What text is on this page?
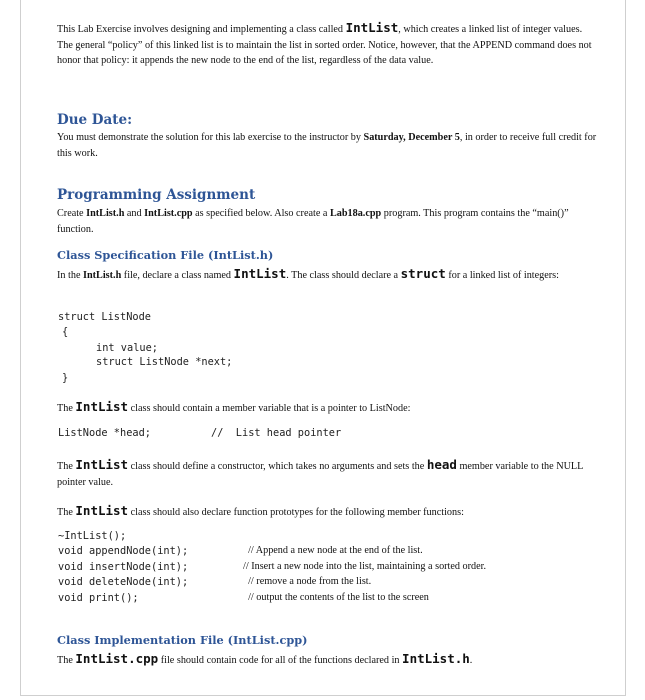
This Lab Exercise involves designing and implementing a class called IntList, which creates a linked list of integer values. The general “policy” of this linked list is to maintain the list in sorted order. Notice, however, that the APPEND command does not honor that policy: it appends the new node to the end of the list, regardless of the data value.
Due Date:
You must demonstrate the solution for this lab exercise to the instructor by Saturday, December 5, in order to receive full credit for this work.
Programming Assignment
Create IntList.h and IntList.cpp as specified below. Also create a Lab18a.cpp program. This program contains the “main()” function.
Class Specification File (IntList.h)
In the IntList.h file, declare a class named IntList. The class should declare a struct for a linked list of integers:
struct ListNode
{
int value;
struct ListNode *next;
}
The IntList class should contain a member variable that is a pointer to ListNode:
ListNode *head;	//  List head pointer
The IntList class should define a constructor, which takes no arguments and sets the head member variable to the NULL pointer value.
The IntList class should also declare function prototypes for the following member functions:
~IntList();
void appendNode(int);	// Append a new node at the end of the list.
void insertNode(int);	// Insert a new node into the list, maintaining a sorted order.
void deleteNode(int);	// remove a node from the list.
void print();	// output the contents of the list to the screen
Class Implementation File (IntList.cpp)
The IntList.cpp file should contain code for all of the functions declared in IntList.h.
